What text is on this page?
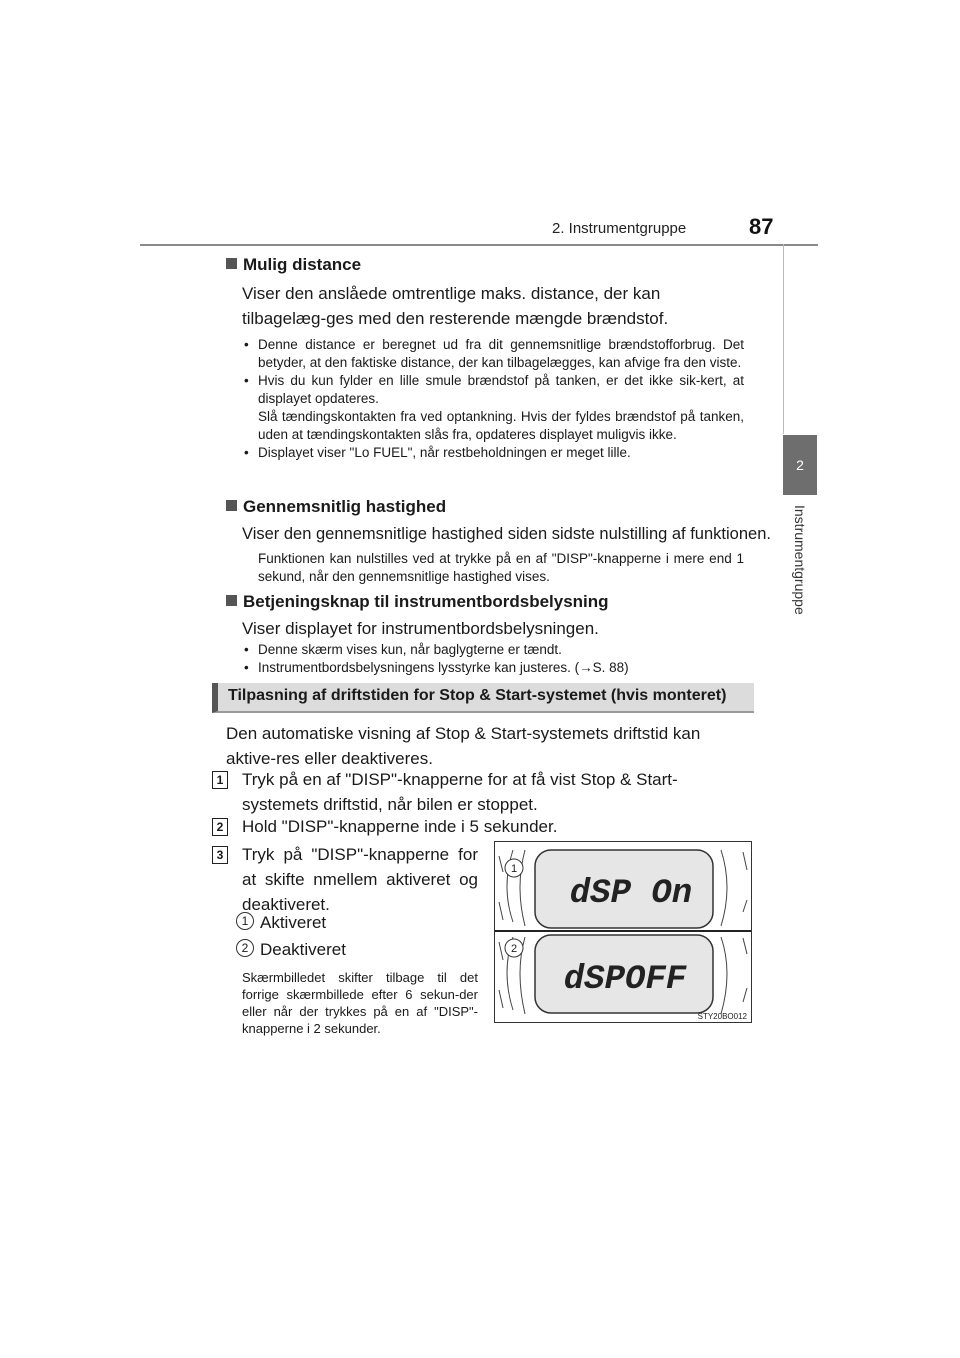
2. Instrumentgruppe	87
2
Instrumentgruppe
Mulig distance
Viser den anslåede omtrentlige maks. distance, der kan tilbagelæg-ges med den resterende mængde brændstof.
• Denne distance er beregnet ud fra dit gennemsnitlige brændstofforbrug. Det betyder, at den faktiske distance, der kan tilbagelægges, kan afvige fra den viste.
• Hvis du kun fylder en lille smule brændstof på tanken, er det ikke sik-kert, at displayet opdateres.
Slå tændingskontakten fra ved optankning. Hvis der fyldes brændstof på tanken, uden at tændingskontakten slås fra, opdateres displayet muligvis ikke.
• Displayet viser "Lo FUEL", når restbeholdningen er meget lille.
Gennemsnitlig hastighed
Viser den gennemsnitlige hastighed siden sidste nulstilling af funktionen.
Funktionen kan nulstilles ved at trykke på en af "DISP"-knapperne i mere end 1 sekund, når den gennemsnitlige hastighed vises.
Betjeningsknap til instrumentbordsbelysning
Viser displayet for instrumentbordsbelysningen.
• Denne skærm vises kun, når baglygterne er tændt.
• Instrumentbordsbelysningens lysstyrke kan justeres. (→S. 88)
Tilpasning af driftstiden for Stop & Start-systemet (hvis monteret)
Den automatiske visning af Stop & Start-systemets driftstid kan aktive-res eller deaktiveres.
1 Tryk på en af "DISP"-knapperne for at få vist Stop & Start-systemets driftstid, når bilen er stoppet.
2 Hold "DISP"-knapperne inde i 5 sekunder.
3 Tryk på "DISP"-knapperne for at skifte nmellem aktiveret og deaktiveret.
1 Aktiveret
2 Deaktiveret
Skærmbilledet skifter tilbage til det forrige skærmbillede efter 6 sekun-der eller når der trykkes på en af "DISP"-knapperne i 2 sekunder.
dSP On
1
dSPOFF
2
STY20BO012
